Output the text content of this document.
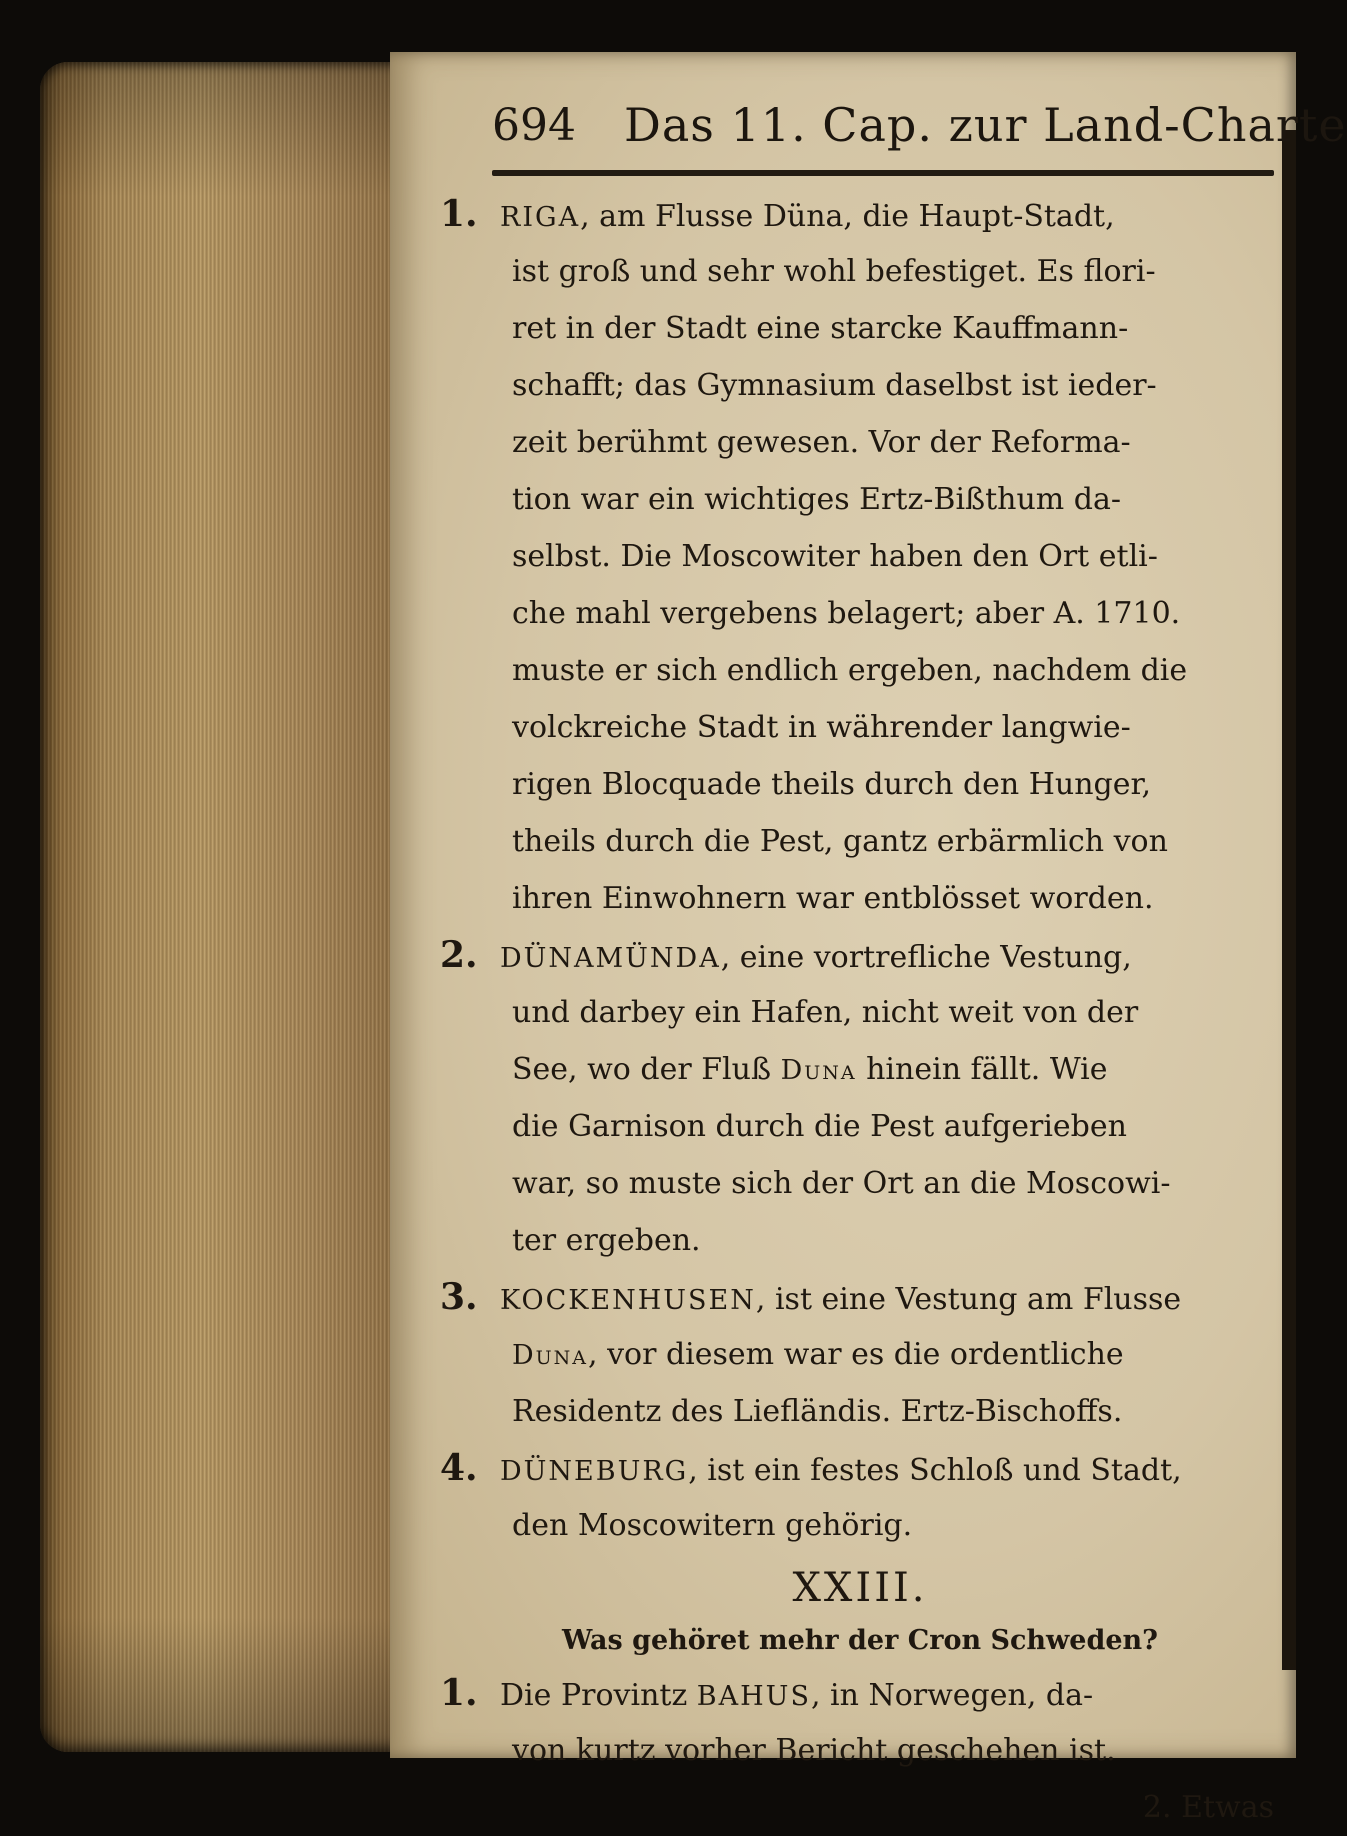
694 Das 11. Cap. zur Land-Charte
1. RIGA, am Flusse Düna, die Haupt-Stadt,
ist groß und sehr wohl befestiget. Es flori-
ret in der Stadt eine starcke Kauffmann-
schafft; das Gymnasium daselbst ist ieder-
zeit berühmt gewesen. Vor der Reforma-
tion war ein wichtiges Ertz-Bißthum da-
selbst. Die Moscowiter haben den Ort etli-
che mahl vergebens belagert; aber A. 1710.
muste er sich endlich ergeben, nachdem die
volckreiche Stadt in währender langwie-
rigen Blocquade theils durch den Hunger,
theils durch die Pest, gantz erbärmlich von
ihren Einwohnern war entblösset worden.
2. DÜNAMÜNDA, eine vortrefliche Vestung,
und darbey ein Hafen, nicht weit von der
See, wo der Fluß Duna hinein fällt. Wie
die Garnison durch die Pest aufgerieben
war, so muste sich der Ort an die Moscowi-
ter ergeben.
3. KOCKENHUSEN, ist eine Vestung am Flusse
Duna, vor diesem war es die ordentliche
Residentz des Liefländis. Ertz-Bischoffs.
4. DÜNEBURG, ist ein festes Schloß und Stadt,
den Moscowitern gehörig.
XXIII.
Was gehöret mehr der Cron Schweden?
1. Die Provintz BAHUS, in Norwegen, da-
von kurtz vorher Bericht geschehen ist.
2. Etwas
